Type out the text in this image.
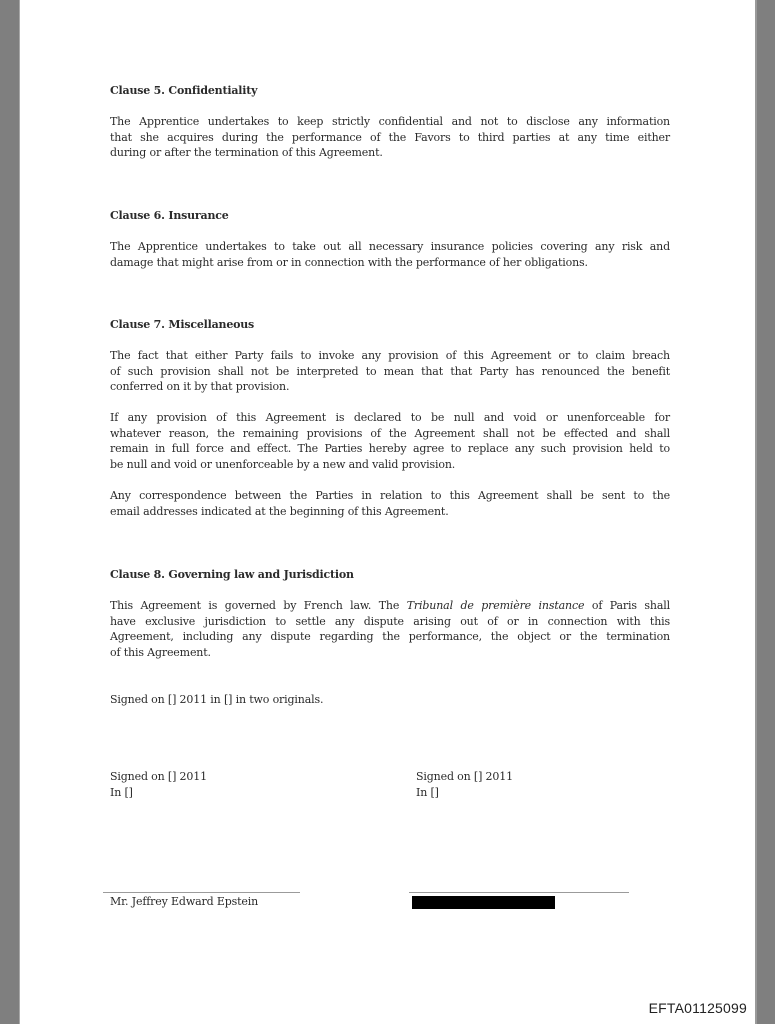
Clause 5. Confidentiality
The Apprentice undertakes to keep strictly confidential and not to disclose any information
that she acquires during the performance of the Favors to third parties at any time either
during or after the termination of this Agreement.
Clause 6. Insurance
The Apprentice undertakes to take out all necessary insurance policies covering any risk and
damage that might arise from or in connection with the performance of her obligations.
Clause 7. Miscellaneous
The fact that either Party fails to invoke any provision of this Agreement or to claim breach
of such provision shall not be interpreted to mean that that Party has renounced the benefit
conferred on it by that provision.
If any provision of this Agreement is declared to be null and void or unenforceable for
whatever reason, the remaining provisions of the Agreement shall not be effected and shall
remain in full force and effect. The Parties hereby agree to replace any such provision held to
be null and void or unenforceable by a new and valid provision.
Any correspondence between the Parties in relation to this Agreement shall be sent to the
email addresses indicated at the beginning of this Agreement.
Clause 8. Governing law and Jurisdiction
This Agreement is governed by French law. The Tribunal de première instance of Paris shall
have exclusive jurisdiction to settle any dispute arising out of or in connection with this
Agreement, including any dispute regarding the performance, the object or the termination
of this Agreement.
Signed on [] 2011 in [] in two originals.
Signed on [] 2011
In []
Signed on [] 2011
In []
Mr. Jeffrey Edward Epstein
EFTA01125099
